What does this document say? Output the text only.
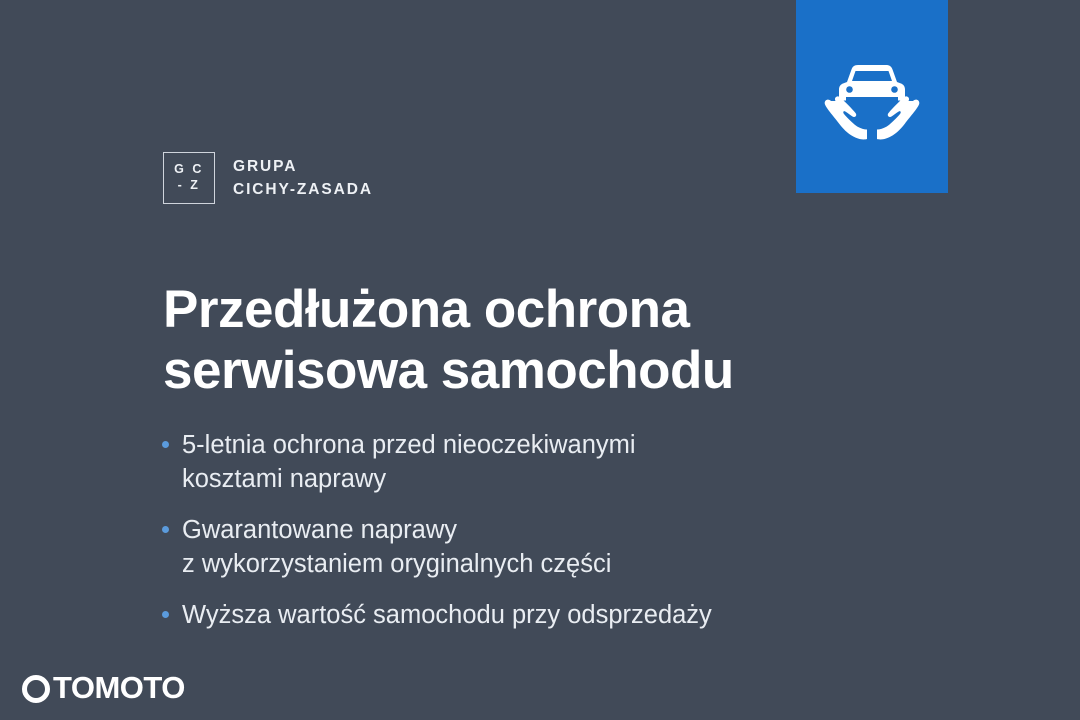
G C
- Z
GRUPA
CICHY-ZASADA
Przedłużona ochrona
serwisowa samochodu
5-letnia ochrona przed nieoczekiwanymi
kosztami naprawy
Gwarantowane naprawy
z wykorzystaniem oryginalnych części
Wyższa wartość samochodu przy odsprzedaży
TOMOTO
